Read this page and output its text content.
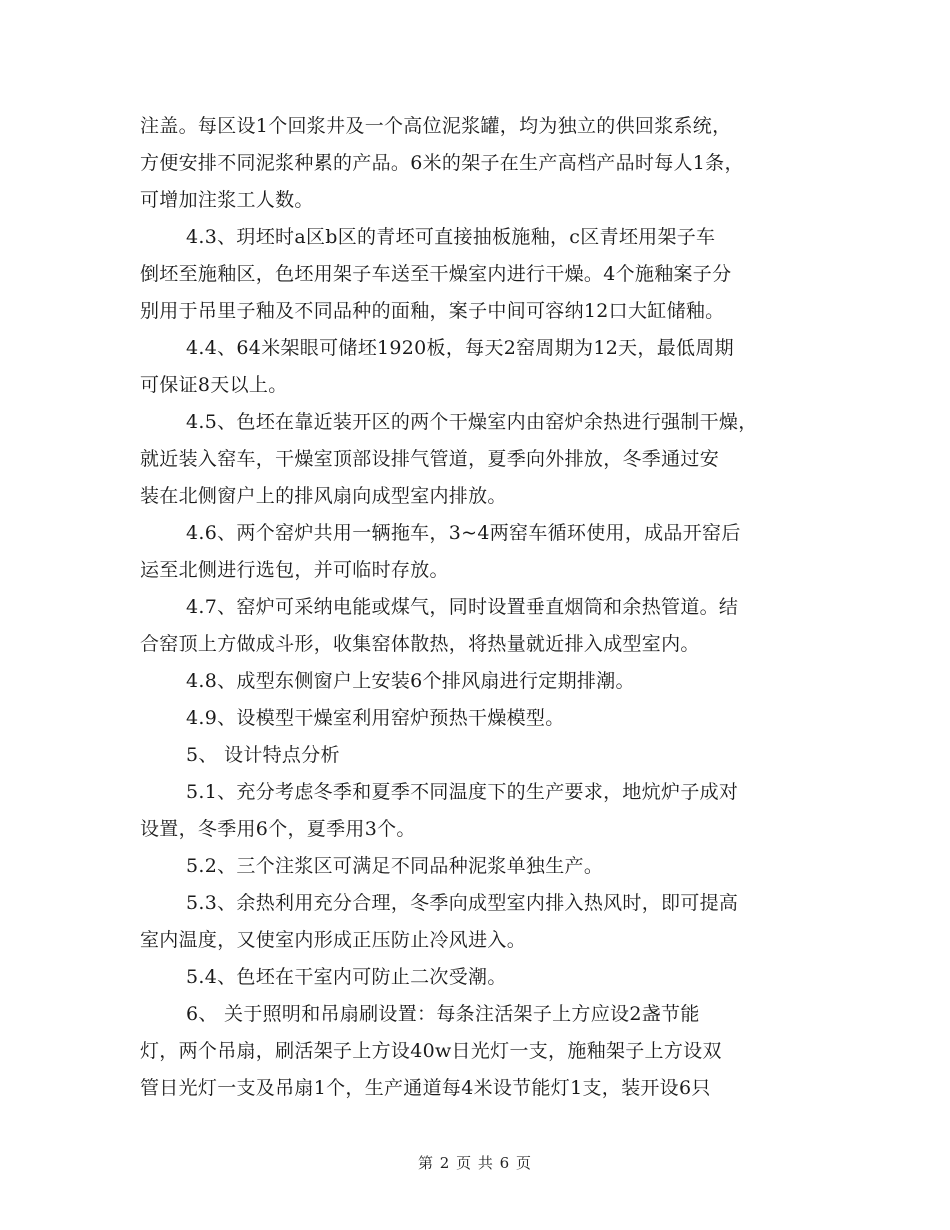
注盖。每区设1个回浆井及一个高位泥浆罐，均为独立的供回浆系统，
方便安排不同泥浆种累的产品。6米的架子在生产高档产品时每人1条，
可增加注浆工人数。
4.3、玥坯时a区b区的青坯可直接抽板施釉，c区青坯用架子车
倒坯至施釉区，色坯用架子车送至干燥室内进行干燥。4个施釉案子分
别用于吊里子釉及不同品种的面釉，案子中间可容纳12口大缸储釉。
4.4、64米架眼可储坯1920板，每天2窑周期为12天，最低周期
可保证8天以上。
4.5、色坯在靠近装开区的两个干燥室内由窑炉余热进行强制干燥，
就近装入窑车，干燥室顶部设排气管道，夏季向外排放，冬季通过安
装在北侧窗户上的排风扇向成型室内排放。
4.6、两个窑炉共用一辆拖车，3~4两窑车循环使用，成品开窑后
运至北侧进行选包，并可临时存放。
4.7、窑炉可采纳电能或煤气，同时设置垂直烟筒和余热管道。结
合窑顶上方做成斗形，收集窑体散热，将热量就近排入成型室内。
4.8、成型东侧窗户上安装6个排风扇进行定期排潮。
4.9、设模型干燥室利用窑炉预热干燥模型。
5、 设计特点分析
5.1、充分考虑冬季和夏季不同温度下的生产要求，地炕炉子成对
设置，冬季用6个，夏季用3个。
5.2、三个注浆区可满足不同品种泥浆单独生产。
5.3、余热利用充分合理，冬季向成型室内排入热风时，即可提高
室内温度，又使室内形成正压防止冷风进入。
5.4、色坯在干室内可防止二次受潮。
6、 关于照明和吊扇刷设置：每条注活架子上方应设2盏节能
灯，两个吊扇，刷活架子上方设40w日光灯一支，施釉架子上方设双
管日光灯一支及吊扇1个，生产通道每4米设节能灯1支，装开设6只
第 2 页 共 6 页
